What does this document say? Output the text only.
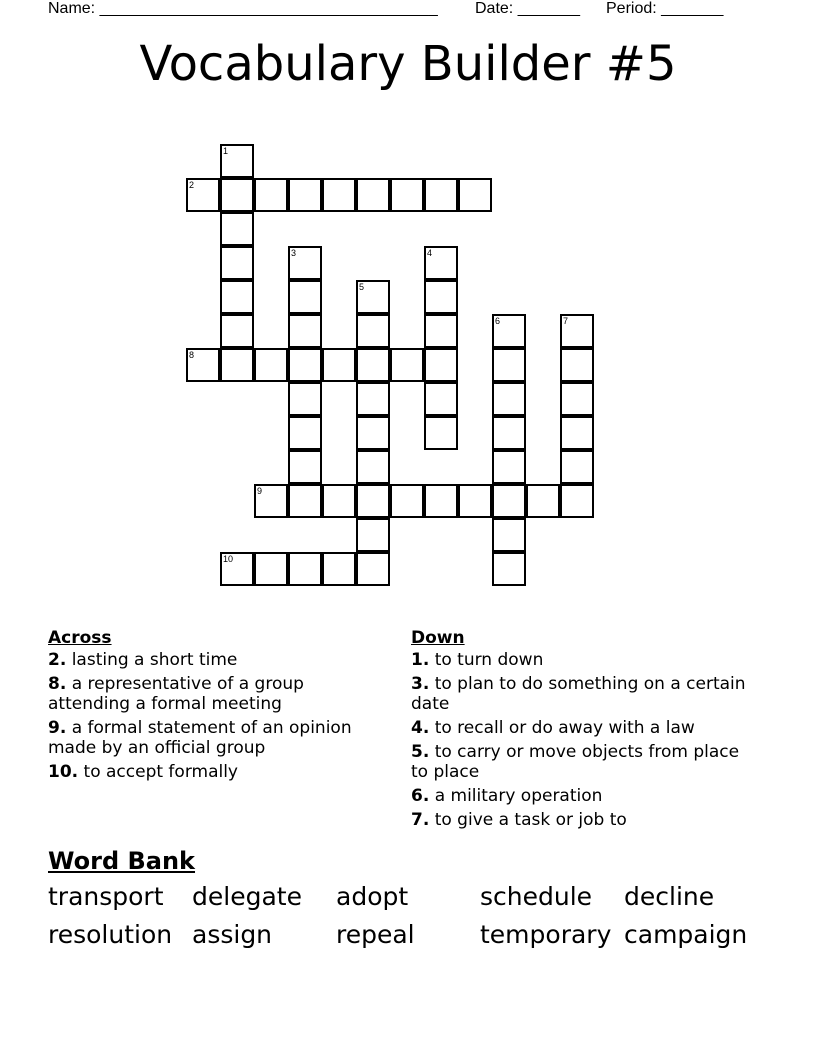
Name: ______________________________________ Date: _______ Period: _______
Vocabulary Builder #5
1
2
3	4
5
6	7
8
9
10
Across
2. lasting a short time
8. a representative of a group attending a formal meeting
9. a formal statement of an opinion made by an official group
10. to accept formally
Down
1. to turn down
3. to plan to do something on a certain date
4. to recall or do away with a law
5. to carry or move objects from place to place
6. a military operation
7. to give a task or job to
Word Bank
transport delegate adopt	schedule decline
resolution assign	repeal	temporary campaign
